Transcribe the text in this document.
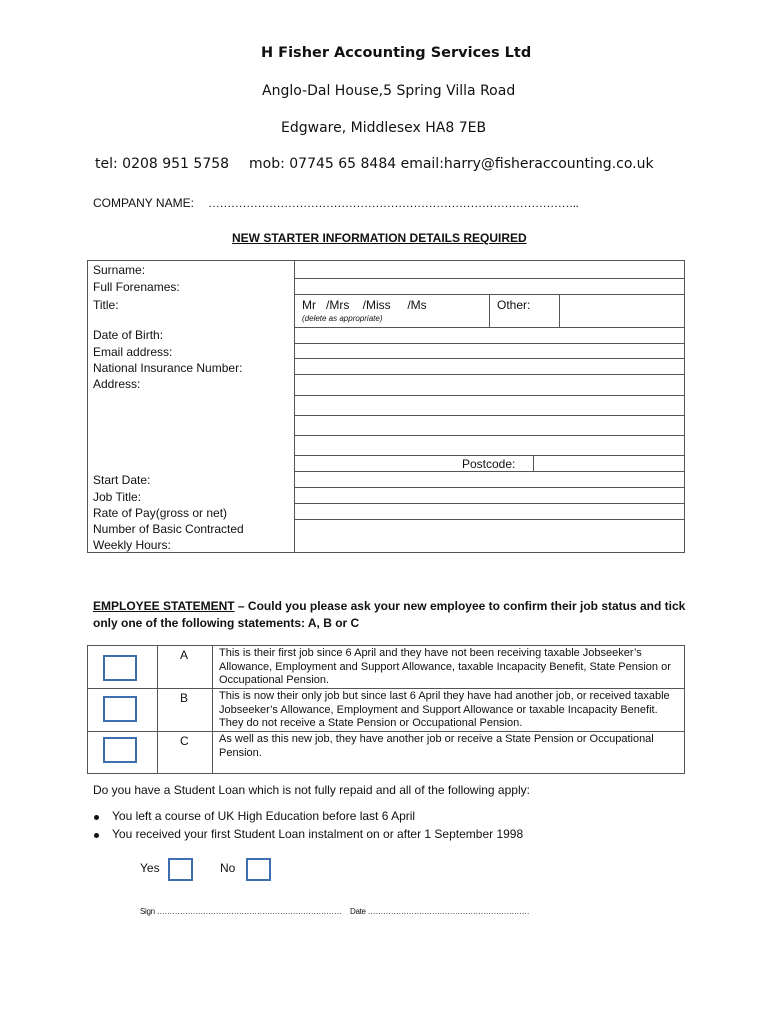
H Fisher Accounting Services Ltd
Anglo-Dal House,5 Spring Villa Road
Edgware, Middlesex HA8 7EB
tel: 0208 951 5758 mob: 07745 65 8484 email:harry@fisheraccounting.co.uk
COMPANY NAME: ……………………………………………………………………………………..
NEW STARTER INFORMATION DETAILS REQUIRED
Surname:
Full Forenames:
Title:	Mr   /Mrs    /Miss     /Ms
(delete as appropriate)
Other:
Date of Birth:
Email address:
National Insurance Number:
Address:
Postcode:
Start Date:
Job Title:
Rate of Pay(gross or net)
Number of Basic Contracted
Weekly Hours:
EMPLOYEE STATEMENT – Could you please ask your new employee to confirm their job status and tick
only one of the following statements: A, B or C
A
B
C
This is their first job since 6 April and they have not been receiving taxable Jobseeker’s Allowance, Employment and Support Allowance, taxable Incapacity Benefit, State Pension or Occupational Pension.
This is now their only job but since last 6 April they have had another job, or received taxable Jobseeker’s Allowance, Employment and Support Allowance or taxable Incapacity Benefit. They do not receive a State Pension or Occupational Pension.
As well as this new job, they have another job or receive a State Pension or Occupational Pension.
Do you have a Student Loan which is not fully repaid and all of the following apply:
You left a course of UK High Education before last 6 April
You received your first Student Loan instalment on or after 1 September 1998
Yes	No
Sign ……………………………………………………………… Date ………………………………………………………
